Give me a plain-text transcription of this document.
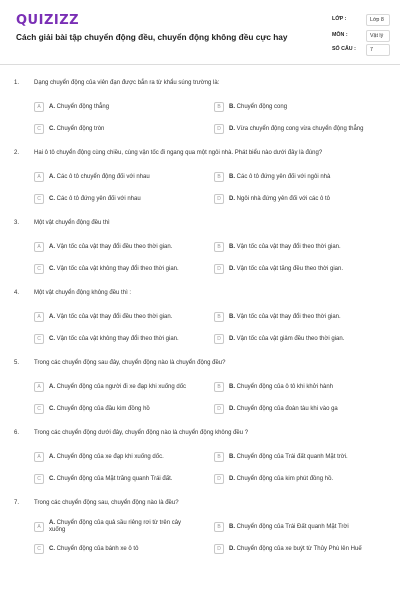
QUIZIZZ
Cách giải bài tập chuyển động đều, chuyển động không đều cực hay
LỚP :	Lớp 8
MÔN :	Vật lý
SỐ CÂU :	7
1. Dạng chuyển động của viên đạn được bắn ra từ khẩu súng trường là:
A	A. Chuyển động thẳng	B	B. Chuyển động cong
C	C. Chuyển động tròn	D	D. Vừa chuyển động cong vừa chuyển động thẳng
2. Hai ô tô chuyển động cùng chiều, cùng vận tốc đi ngang qua một ngôi nhà. Phát biểu nào dưới đây là đúng?
A	A. Các ô tô chuyển động đối với nhau	B	B. Các ô tô đứng yên đối với ngôi nhà
C	C. Các ô tô đứng yên đối với nhau	D	D. Ngôi nhà đứng yên đối với các ô tô
3. Một vật chuyển động đều thì
A	A. Vận tốc của vật thay đổi đều theo thời gian.	B	B. Vận tốc của vật thay đổi theo thời gian.
C	C. Vận tốc của vật không thay đổi theo thời gian.	D	D. Vận tốc của vật tăng đều theo thời gian.
4. Một vật chuyển động không đều thì :
A	A. Vận tốc của vật thay đổi đều theo thời gian.	B	B. Vận tốc của vật thay đổi theo thời gian.
C	C. Vận tốc của vật không thay đổi theo thời gian.	D	D. Vận tốc của vật giảm đều theo thời gian.
5. Trong các chuyển động sau đây, chuyển động nào là chuyển động đều?
A	A. Chuyển động của người đi xe đạp khi xuống dốc	B	B. Chuyển động của ô tô khi khởi hành
C	C. Chuyển động của đầu kim đồng hồ	D	D. Chuyển động của đoàn tàu khi vào ga
6. Trong các chuyển động dưới đây, chuyển động nào là chuyển động không đều ?
A	A. Chuyển động của xe đạp khi xuống dốc.	B	B. Chuyển động của Trái đất quanh Mặt trời.
C	C. Chuyển động của Mặt trăng quanh Trái đất.	D	D. Chuyển động của kim phút đồng hồ.
7. Trong các chuyển động sau, chuyển động nào là đều?
A
A. Chuyển động của quả sầu riêng rơi từ trên cây xuống	B	B. Chuyển động của Trái Đất quanh Mặt Trời
C	C. Chuyển động của bánh xe ô tô	D	D. Chuyển động của xe buýt từ Thủy Phù lên Huế
